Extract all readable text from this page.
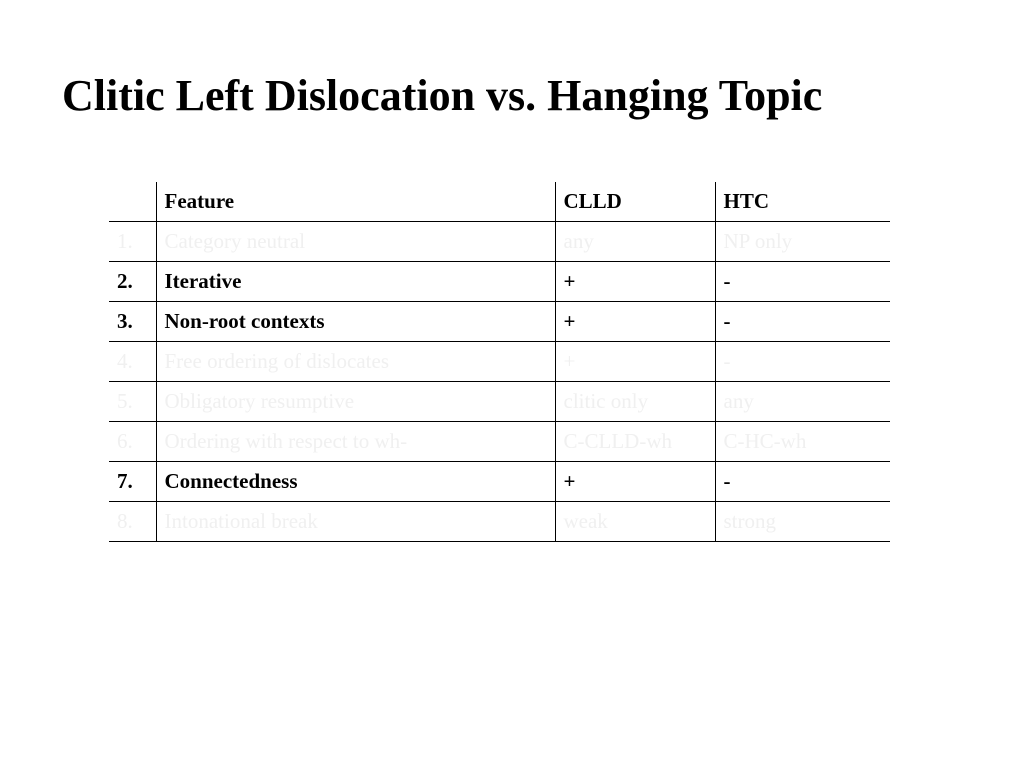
Clitic Left Dislocation vs. Hanging Topic
	Feature	CLLD	HTC
1.	Category neutral	any	NP only
2.	Iterative	+	-
3.	Non-root contexts	+	-
4.	Free ordering of dislocates	+	-
5.	Obligatory resumptive	clitic only	any
6.	Ordering with respect to wh-	C-CLLD-wh	C-HC-wh
7.	Connectedness	+	-
8.	Intonational break	weak	strong
